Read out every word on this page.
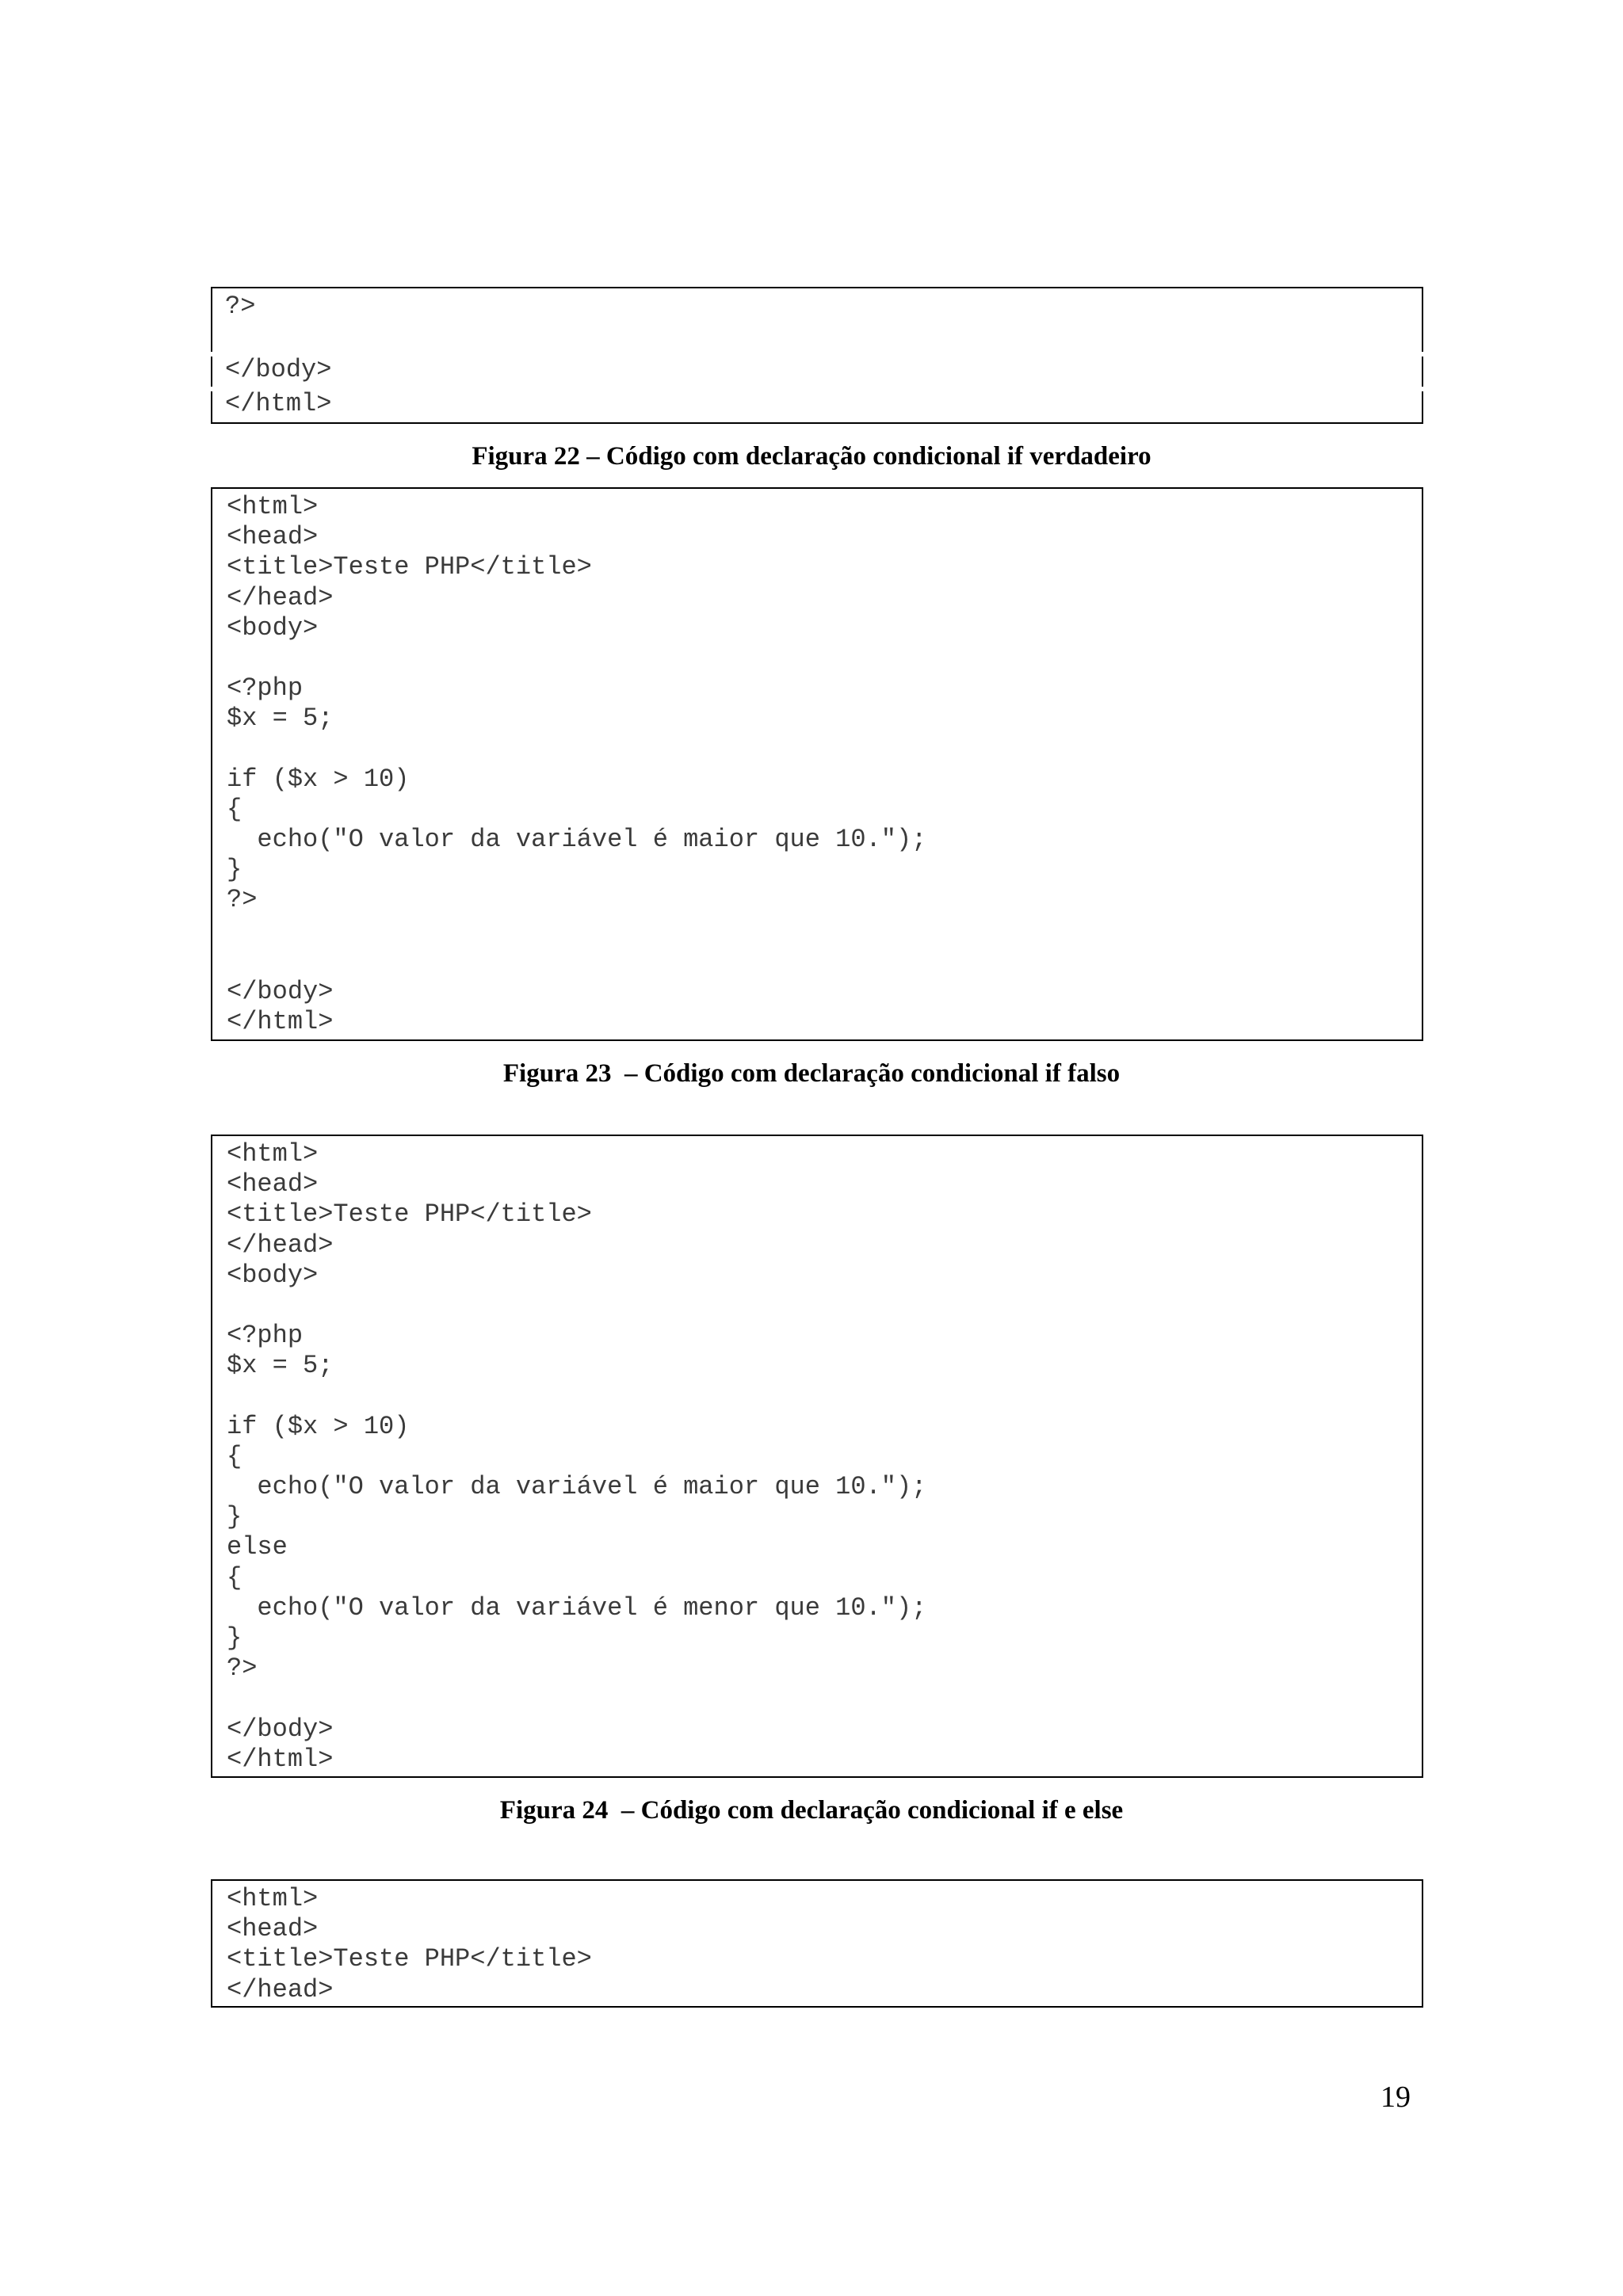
?>
</body>
</html>
Figura 22 – Código com declaração condicional if verdadeiro
<html>
<head>
<title>Teste PHP</title>
</head>
<body>
<?php
$x = 5;
if ($x > 10)
{
echo("O valor da variável é maior que 10.");
}
?>
</body>
</html>
Figura 23  – Código com declaração condicional if falso
<html>
<head>
<title>Teste PHP</title>
</head>
<body>
<?php
$x = 5;
if ($x > 10)
{
echo("O valor da variável é maior que 10.");
}
else
{
echo("O valor da variável é menor que 10.");
}
?>
</body>
</html>
Figura 24  – Código com declaração condicional if e else
<html>
<head>
<title>Teste PHP</title>
</head>
19
